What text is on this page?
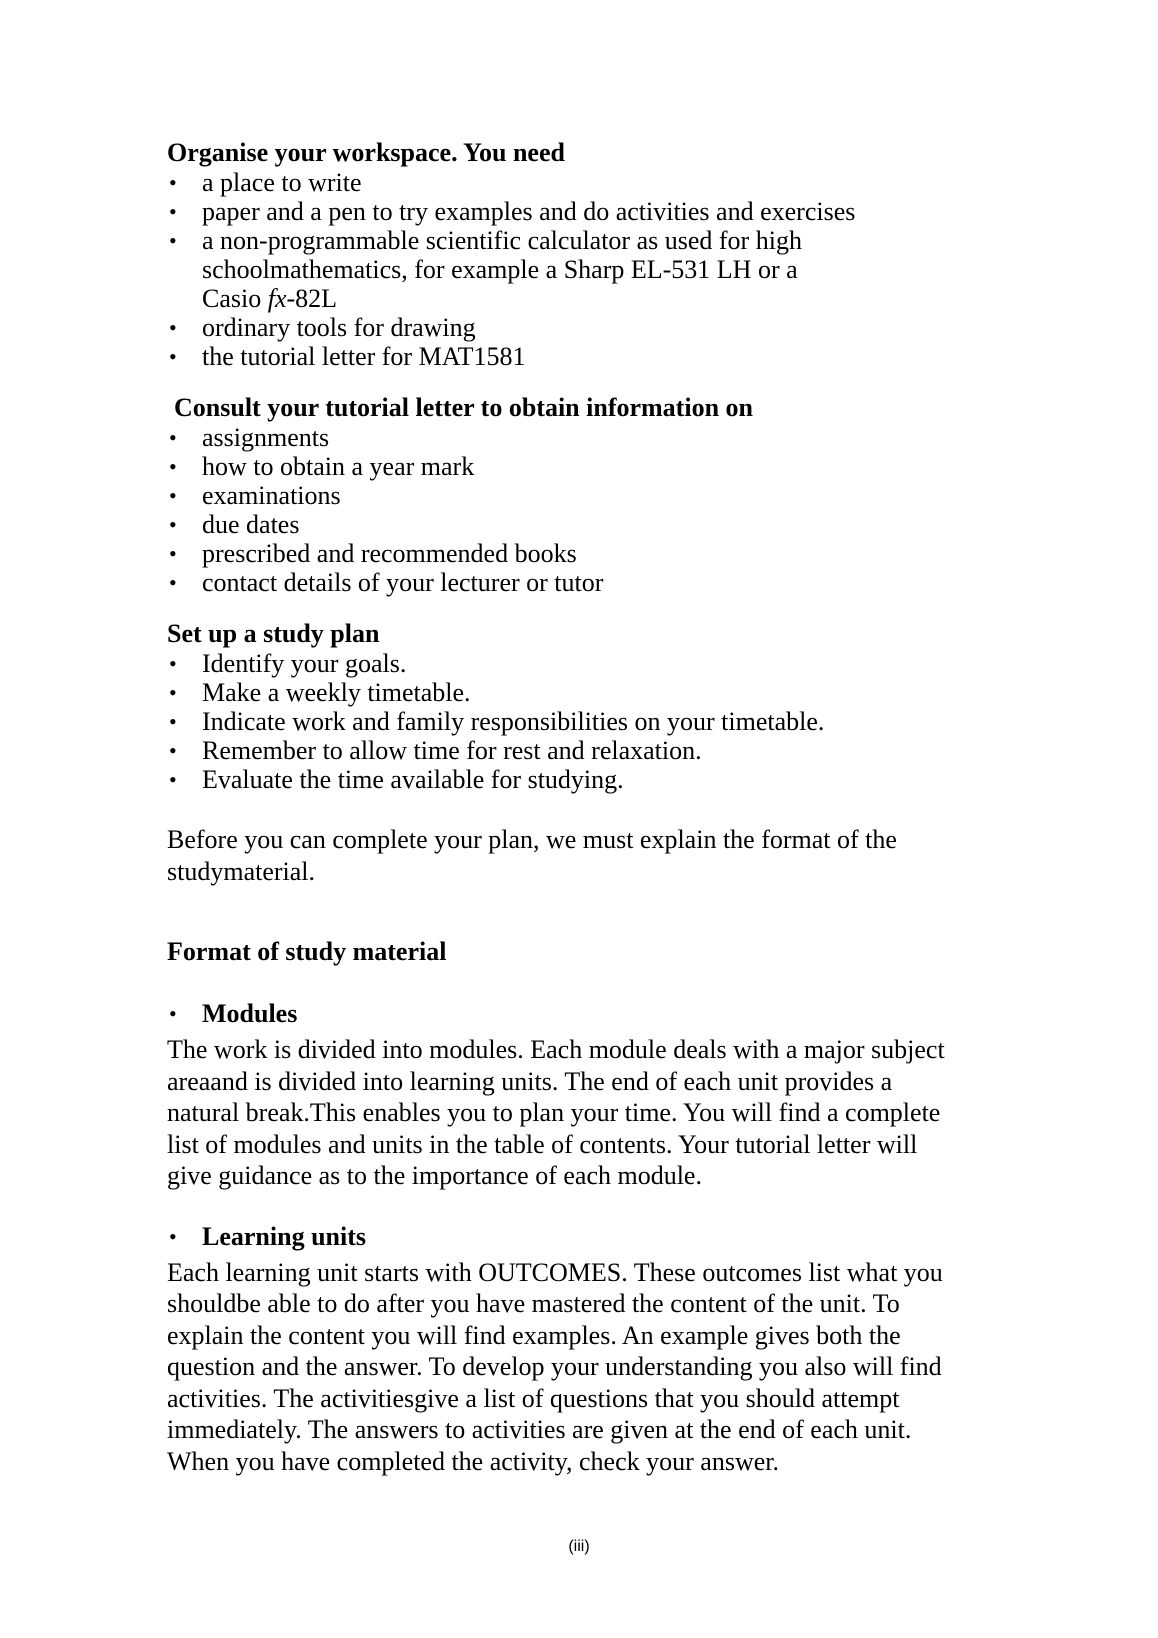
Organise your workspace. You need

• a place to write
• paper and a pen to try examples and do activities and exercises
• a non-programmable scientific calculator as used for high
schoolmathematics, for example a Sharp EL-531 LH or a
Casio fx-82L
• ordinary tools for drawing
• the tutorial letter for MAT1581

Consult your tutorial letter to obtain information on

• assignments
• how to obtain a year mark
• examinations
• due dates
• prescribed and recommended books
• contact details of your lecturer or tutor

Set up a study plan

• Identify your goals.
• Make a weekly timetable.
• Indicate work and family responsibilities on your timetable.
• Remember to allow time for rest and relaxation.
• Evaluate the time available for studying.

Before you can complete your plan, we must explain the format of the
studymaterial.

Format of study material

• Modules

The work is divided into modules. Each module deals with a major subject
areaand is divided into learning units. The end of each unit provides a
natural break.This enables you to plan your time. You will find a complete
list of modules and units in the table of contents. Your tutorial letter will
give guidance as to the importance of each module.

• Learning units

Each learning unit starts with OUTCOMES. These outcomes list what you
shouldbe able to do after you have mastered the content of the unit. To
explain the content you will find examples. An example gives both the
question and the answer. To develop your understanding you also will find
activities. The activitiesgive a list of questions that you should attempt
immediately. The answers to activities are given at the end of each unit.
When you have completed the activity, check your answer.

(iii)
